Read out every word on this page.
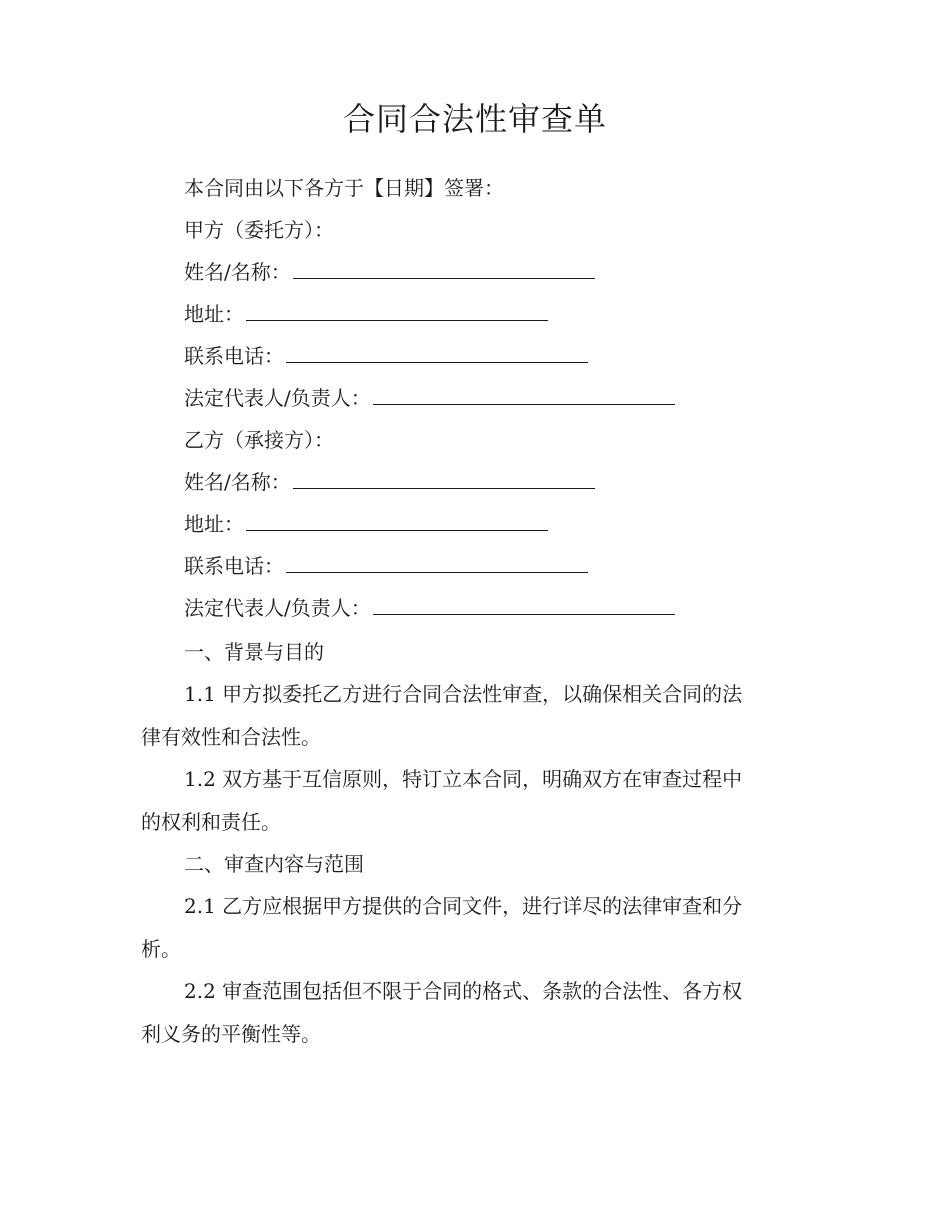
合同合法性审查单
本合同由以下各方于【日期】签署：
甲方（委托方）：
姓名/名称：
地址：
联系电话：
法定代表人/负责人：
乙方（承接方）：
姓名/名称：
地址：
联系电话：
法定代表人/负责人：
一、背景与目的
1.1 甲方拟委托乙方进行合同合法性审查，以确保相关合同的法
律有效性和合法性。
1.2 双方基于互信原则，特订立本合同，明确双方在审查过程中
的权利和责任。
二、审查内容与范围
2.1 乙方应根据甲方提供的合同文件，进行详尽的法律审查和分
析。
2.2 审查范围包括但不限于合同的格式、条款的合法性、各方权
利义务的平衡性等。
